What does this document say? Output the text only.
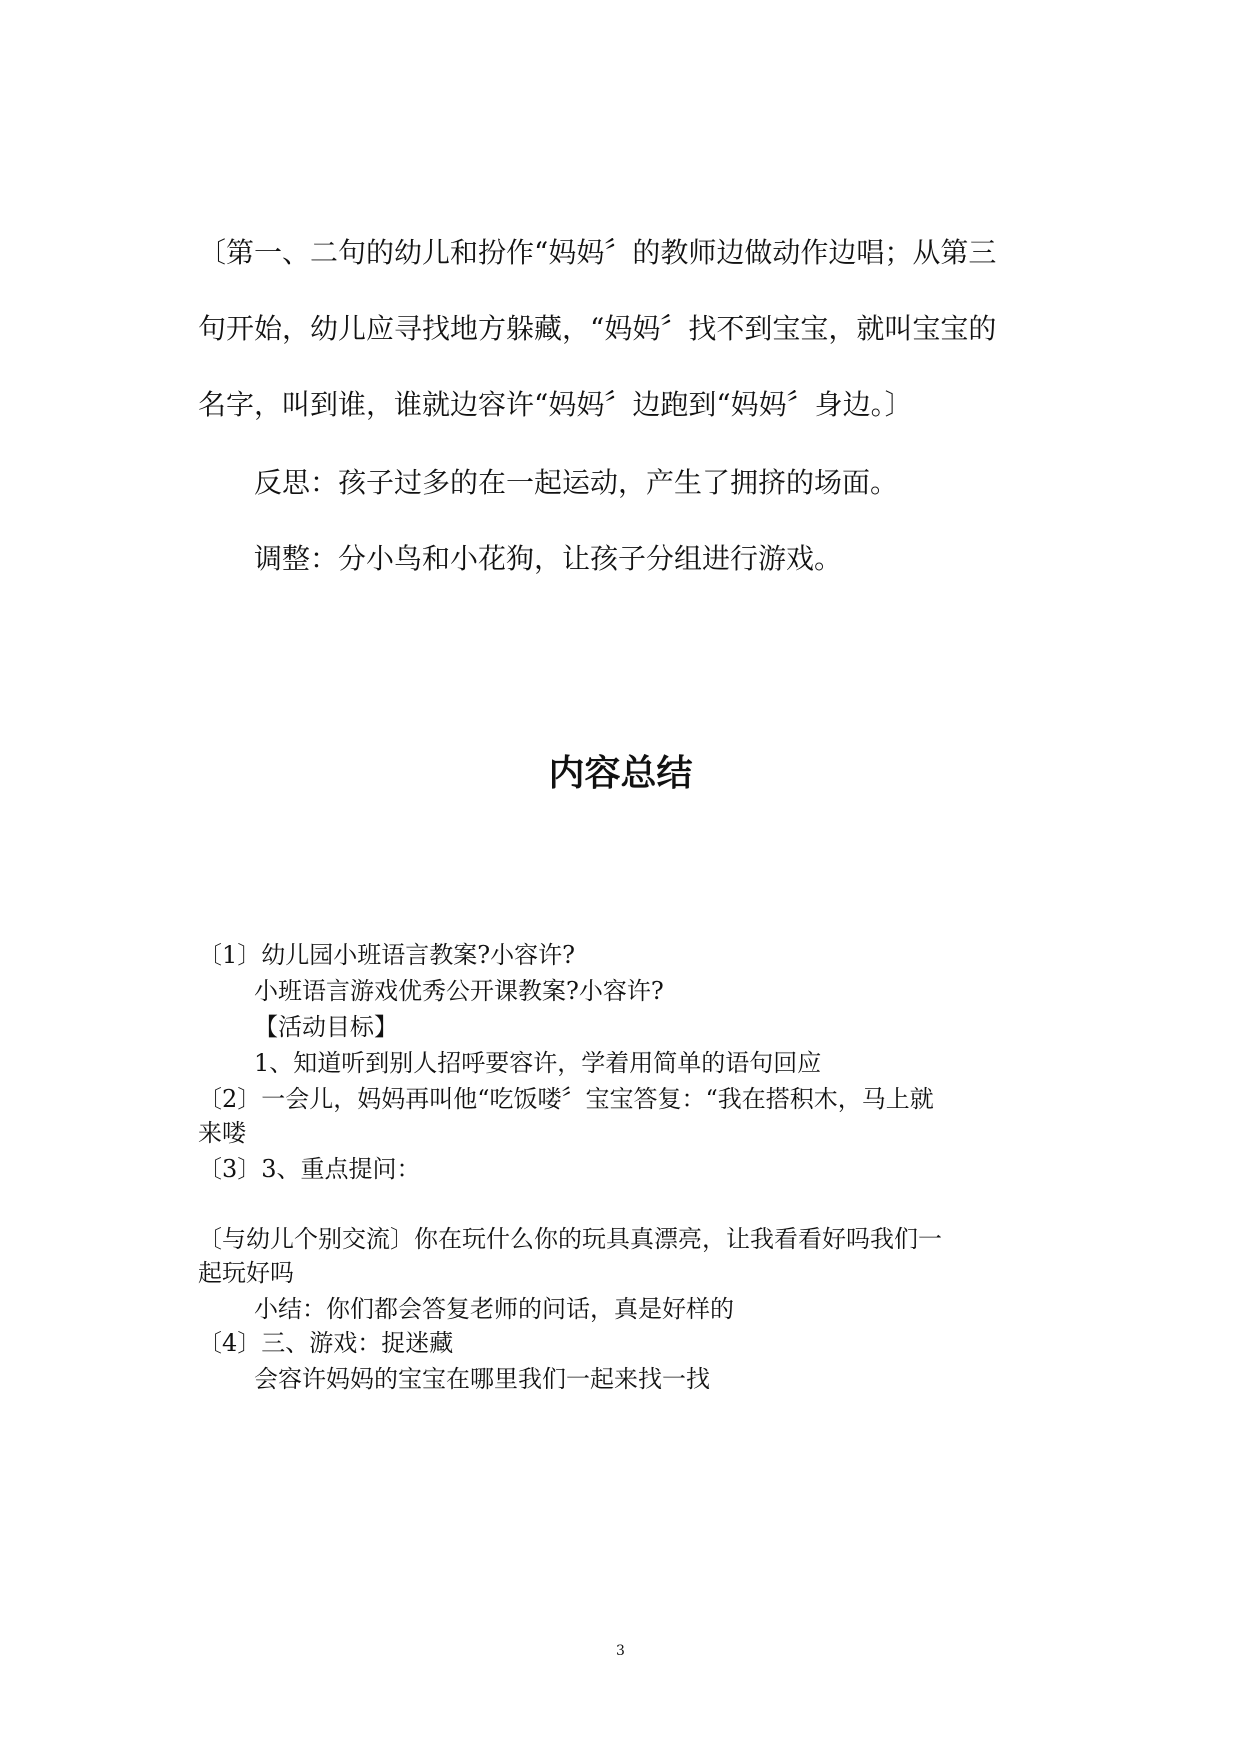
〔第一、二句的幼儿和扮作“妈妈〞的教师边做动作边唱；从第三
句开始，幼儿应寻找地方躲藏，“妈妈〞找不到宝宝，就叫宝宝的
名字，叫到谁，谁就边容许“妈妈〞边跑到“妈妈〞身边。〕
反思：孩子过多的在一起运动，产生了拥挤的场面。
调整：分小鸟和小花狗，让孩子分组进行游戏。
内容总结
〔1〕幼儿园小班语言教案?小容许?
小班语言游戏优秀公开课教案?小容许?
【活动目标】
1、知道听到别人招呼要容许，学着用简单的语句回应
〔2〕一会儿，妈妈再叫他“吃饭喽〞宝宝答复：“我在搭积木，马上就
来喽
〔3〕3、重点提问：
〔与幼儿个别交流〕你在玩什么你的玩具真漂亮，让我看看好吗我们一
起玩好吗
小结：你们都会答复老师的问话，真是好样的
〔4〕三、游戏：捉迷藏
会容许妈妈的宝宝在哪里我们一起来找一找
3
